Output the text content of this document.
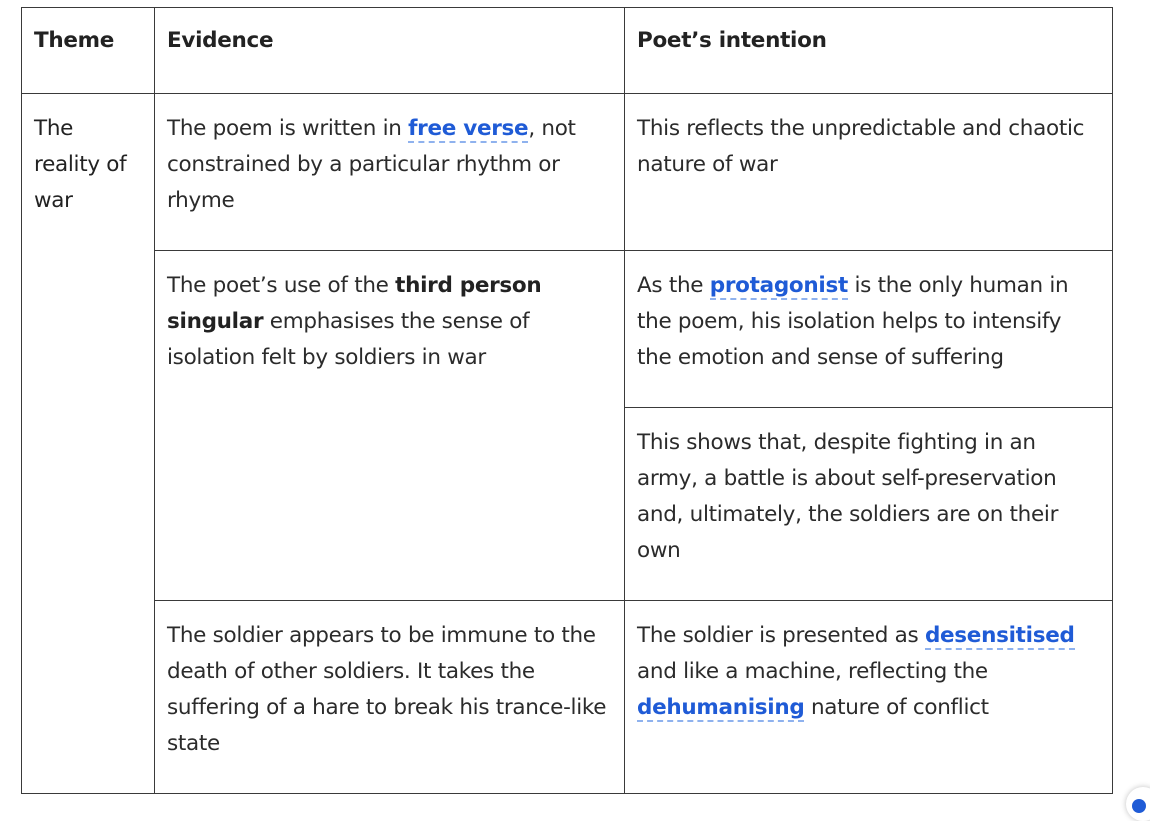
Theme	Evidence	Poet’s intention
The reality of war	The poem is written in free verse, not constrained by a particular rhythm or rhyme	This reflects the unpredictable and chaotic nature of war
	The poet’s use of the third person singular emphasises the sense of isolation felt by soldiers in war	As the protagonist is the only human in the poem, his isolation helps to intensify the emotion and sense of suffering
		This shows that, despite fighting in an army, a battle is about self-preservation and, ultimately, the soldiers are on their own
	The soldier appears to be immune to the death of other soldiers. It takes the suffering of a hare to break his trance-like state	The soldier is presented as desensitised and like a machine, reflecting the dehumanising nature of conflict
